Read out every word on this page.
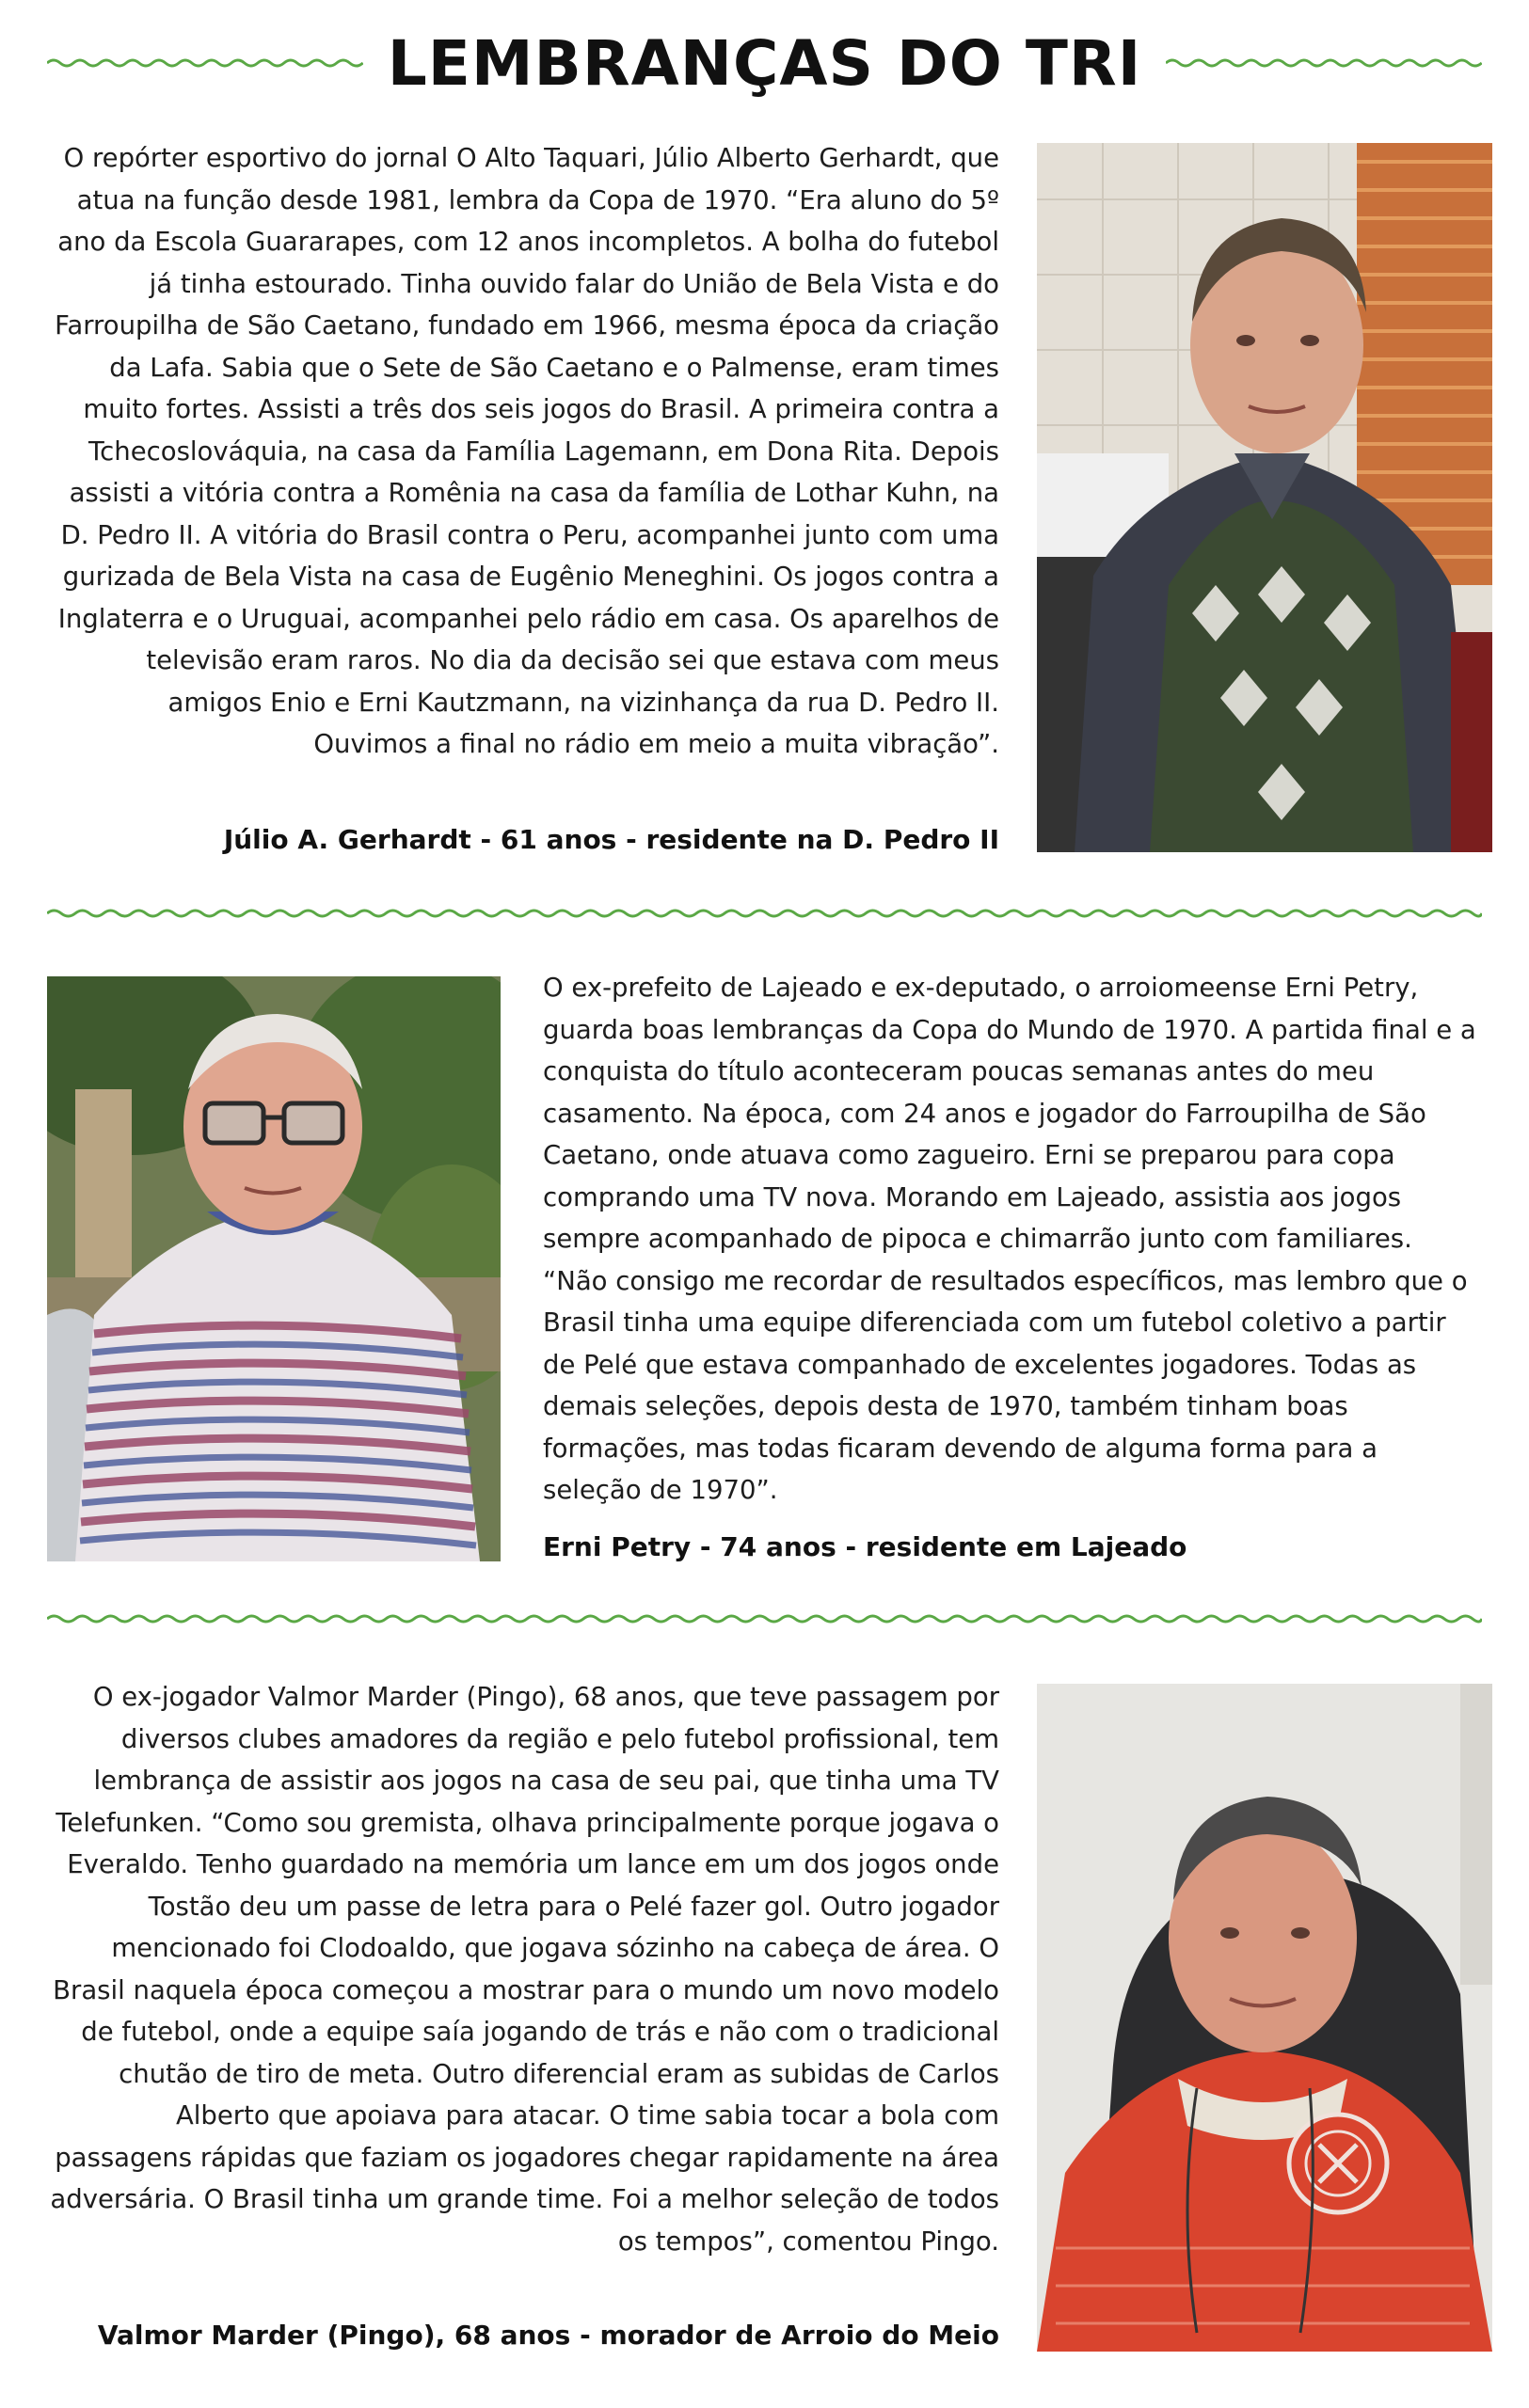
LEMBRANÇAS DO TRI

O repórter esportivo do jornal O Alto Taquari, Júlio Alberto Gerhardt, que atua na função desde 1981, lembra da Copa de 1970. “Era aluno do 5º ano da Escola Guararapes, com 12 anos incompletos. A bolha do futebol já tinha estourado. Tinha ouvido falar do União de Bela Vista e do Farroupilha de São Caetano, fundado em 1966, mesma época da criação da Lafa. Sabia que o Sete de São Caetano e o Palmense, eram times muito fortes. Assisti a três dos seis jogos do Brasil. A primeira contra a Tchecoslováquia, na casa da Família Lagemann, em Dona Rita. Depois assisti a vitória contra a Romênia na casa da família de Lothar Kuhn, na D. Pedro II. A vitória do Brasil contra o Peru, acompanhei junto com uma gurizada de Bela Vista na casa de Eugênio Meneghini. Os jogos contra a Inglaterra e o Uruguai, acompanhei pelo rádio em casa. Os aparelhos de televisão eram raros. No dia da decisão sei que estava com meus amigos Enio e Erni Kautzmann, na vizinhança da rua D. Pedro II. Ouvimos a final no rádio em meio a muita vibração”.

Júlio A. Gerhardt - 61 anos - residente na D. Pedro II

O ex-prefeito de Lajeado e ex-deputado, o arroiomeense Erni Petry, guarda boas lembranças da Copa do Mundo de 1970. A partida final e a conquista do título aconteceram poucas semanas antes do meu casamento. Na época, com 24 anos e jogador do Farroupilha de São Caetano, onde atuava como zagueiro. Erni se preparou para copa comprando uma TV nova. Morando em Lajeado, assistia aos jogos sempre acompanhado de pipoca e chimarrão junto com familiares. “Não consigo me recordar de resultados específicos, mas lembro que o Brasil tinha uma equipe diferenciada com um futebol coletivo a partir de Pelé que estava companhado de excelentes jogadores. Todas as demais seleções, depois desta de 1970, também tinham boas formações, mas todas ficaram devendo de alguma forma para a seleção de 1970”.

Erni Petry - 74 anos - residente em Lajeado

O ex-jogador Valmor Marder (Pingo), 68 anos, que teve passagem por diversos clubes amadores da região e pelo futebol profissional, tem lembrança de assistir aos jogos na casa de seu pai, que tinha uma TV Telefunken. “Como sou gremista, olhava principalmente porque jogava o Everaldo. Tenho guardado na memória um lance em um dos jogos onde Tostão deu um passe de letra para o Pelé fazer gol. Outro jogador mencionado foi Clodoaldo, que jogava sózinho na cabeça de área. O Brasil naquela época começou a mostrar para o mundo um novo modelo de futebol, onde a equipe saía jogando de trás e não com o tradicional chutão de tiro de meta. Outro diferencial eram as subidas de Carlos Alberto que apoiava para atacar. O time sabia tocar a bola com passagens rápidas que faziam os jogadores chegar rapidamente na área adversária. O Brasil tinha um grande time. Foi a melhor seleção de todos os tempos”, comentou Pingo.

Valmor Marder (Pingo), 68 anos - morador de Arroio do Meio
